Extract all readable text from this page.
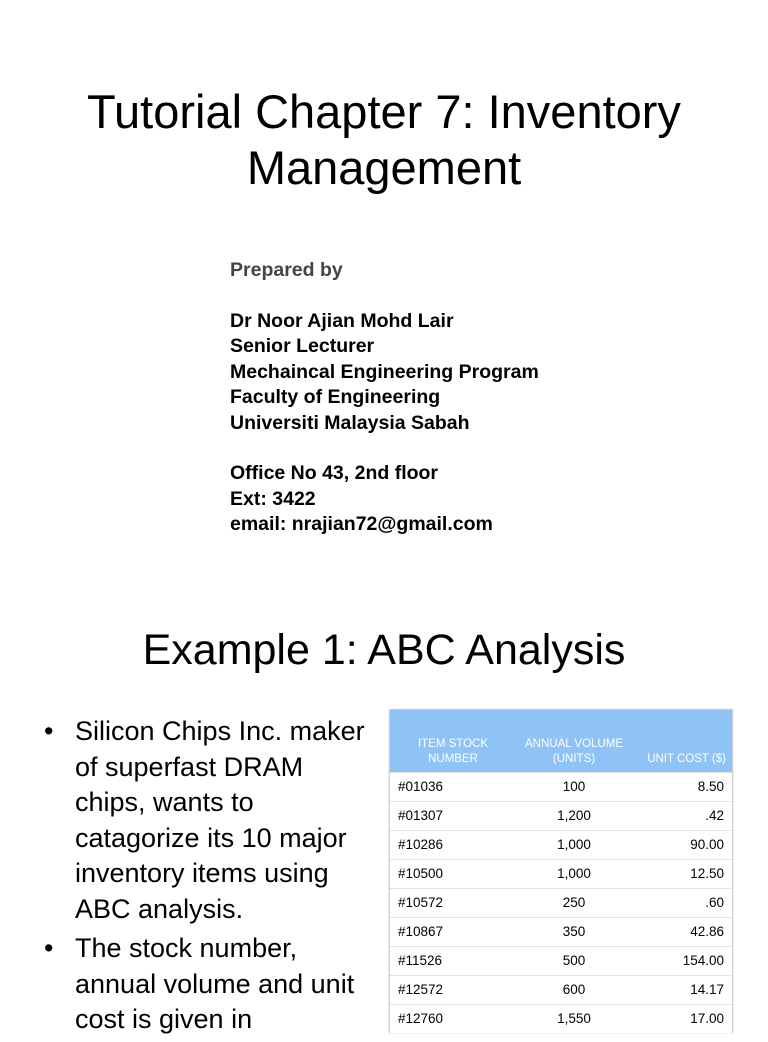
Tutorial Chapter 7: Inventory
Management
Prepared by
Dr Noor Ajian Mohd Lair
Senior Lecturer
Mechaincal Engineering Program
Faculty of Engineering
Universiti Malaysia Sabah
Office No 43, 2nd floor
Ext: 3422
email: nrajian72@gmail.com
Example 1: ABC Analysis
• Silicon Chips Inc. maker of superfast DRAM chips, wants to catagorize its 10 major inventory items using ABC analysis.
• The stock number, annual volume and unit cost is given in
ITEM STOCK NUMBER	ANNUAL VOLUME (UNITS)	UNIT COST ($)
#01036	100	8.50
#01307	1,200	.42
#10286	1,000	90.00
#10500	1,000	12.50
#10572	250	.60
#10867	350	42.86
#11526	500	154.00
#12572	600	14.17
#12760	1,550	17.00
